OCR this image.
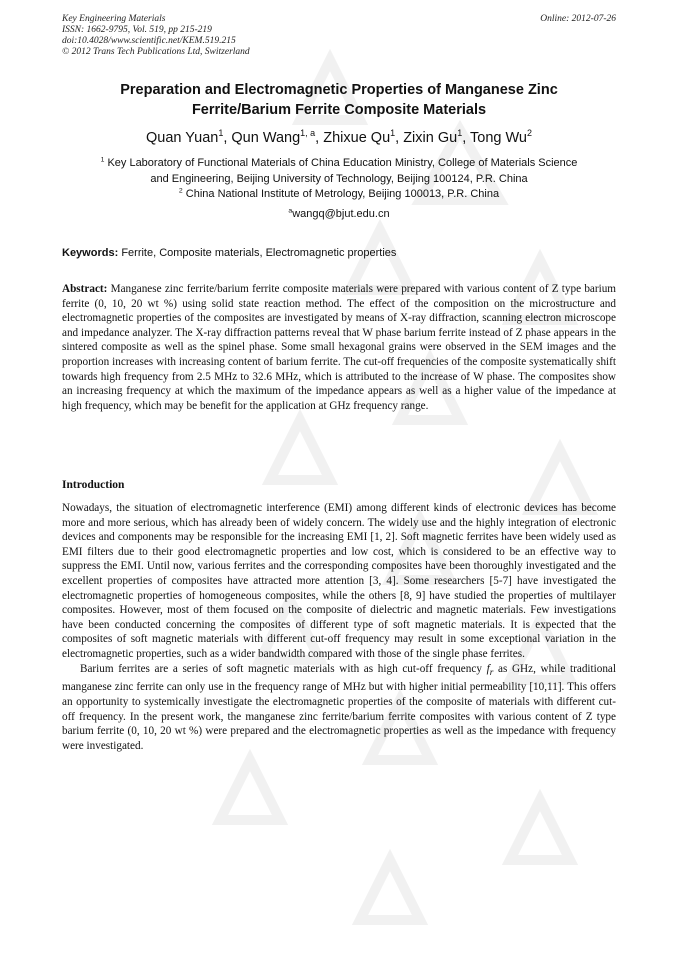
Key Engineering Materials
ISSN: 1662-9795, Vol. 519, pp 215-219
doi:10.4028/www.scientific.net/KEM.519.215
© 2012 Trans Tech Publications Ltd, Switzerland
Online: 2012-07-26
Preparation and Electromagnetic Properties of Manganese Zinc
Ferrite/Barium Ferrite Composite Materials
Quan Yuan$^1$, Qun Wang$^{1, a}$, Zhixue Qu$^1$, Zixin Gu$^1$, Tong Wu$^2$
$^1$ Key Laboratory of Functional Materials of China Education Ministry, College of Materials Science
and Engineering, Beijing University of Technology, Beijing 100124, P.R. China
$^2$ China National Institute of Metrology, Beijing 100013, P.R. China
$^a$wangq@bjut.edu.cn
Keywords: Ferrite, Composite materials, Electromagnetic properties
Abstract: Manganese zinc ferrite/barium ferrite composite materials were prepared with various content of Z type barium ferrite (0, 10, 20 wt %) using solid state reaction method. The effect of the composition on the microstructure and electromagnetic properties of the composites are investigated by means of X-ray diffraction, scanning electron microscope and impedance analyzer. The X-ray diffraction patterns reveal that W phase barium ferrite instead of Z phase appears in the sintered composite as well as the spinel phase. Some small hexagonal grains were observed in the SEM images and the proportion increases with increasing content of barium ferrite. The cut-off frequencies of the composite systematically shift towards high frequency from 2.5 MHz to 32.6 MHz, which is attributed to the increase of W phase. The composites show an increasing frequency at which the maximum of the impedance appears as well as a higher value of the impedance at high frequency, which may be benefit for the application at GHz frequency range.
Introduction

Nowadays, the situation of electromagnetic interference (EMI) among different kinds of electronic devices has become more and more serious, which has already been of widely concern. The widely use and the highly integration of electronic devices and components may be responsible for the increasing EMI [1, 2]. Soft magnetic ferrites have been widely used as EMI filters due to their good electromagnetic properties and low cost, which is considered to be an effective way to suppress the EMI. Until now, various ferrites and the corresponding composites have been thoroughly investigated and the excellent properties of composites have attracted more attention [3, 4]. Some researchers [5-7] have investigated the electromagnetic properties of homogeneous composites, while the others [8, 9] have studied the properties of multilayer composites. However, most of them focused on the composite of dielectric and magnetic materials. Few investigations have been conducted concerning the composites of different type of soft magnetic materials. It is expected that the composites of soft magnetic materials with different cut-off frequency may result in some exceptional variation in the electromagnetic properties, such as a wider bandwidth compared with those of the single phase ferrites.

Barium ferrites are a series of soft magnetic materials with as high cut-off frequency $f_r$ as GHz, while traditional manganese zinc ferrite can only use in the frequency range of MHz but with higher initial permeability [10,11]. This offers an opportunity to systemically investigate the electromagnetic properties of the composite of materials with different cut-off frequency. In the present work, the manganese zinc ferrite/barium ferrite composites with various content of Z type barium ferrite (0, 10, 20 wt %) were prepared and the electromagnetic properties as well as the impedance with frequency were investigated.
